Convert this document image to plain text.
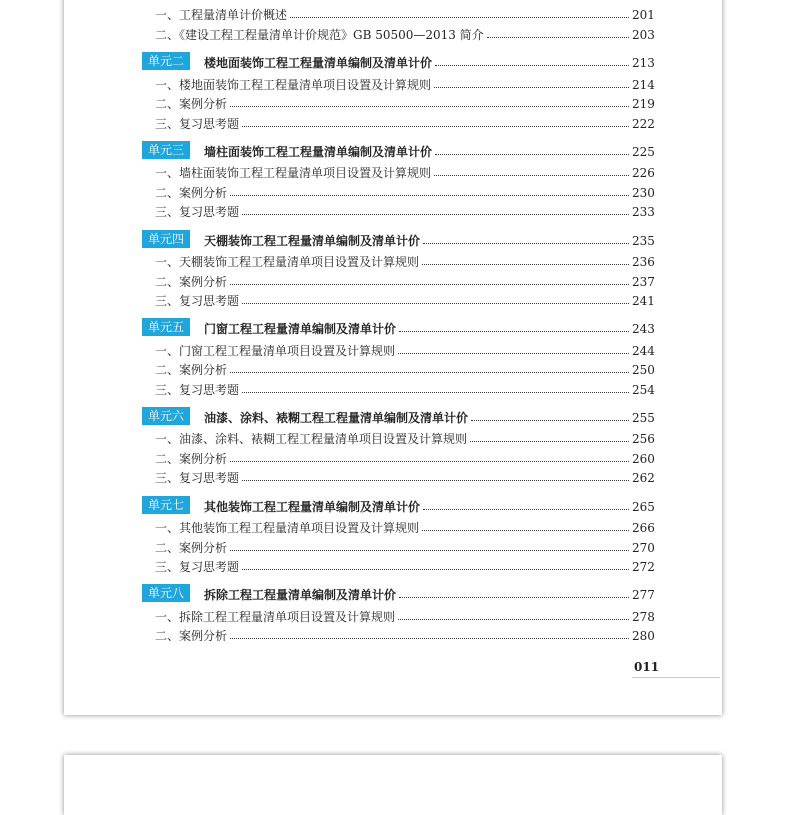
一、工程量清单计价概述	201
二、《建设工程工程量清单计价规范》GB 50500—2013 简介	203
单元二	楼地面装饰工程工程量清单编制及清单计价	213
一、楼地面装饰工程工程量清单项目设置及计算规则	214
二、案例分析	219
三、复习思考题	222
单元三	墙柱面装饰工程工程量清单编制及清单计价	225
一、墙柱面装饰工程工程量清单项目设置及计算规则	226
二、案例分析	230
三、复习思考题	233
单元四	天棚装饰工程工程量清单编制及清单计价	235
一、天棚装饰工程工程量清单项目设置及计算规则	236
二、案例分析	237
三、复习思考题	241
单元五	门窗工程工程量清单编制及清单计价	243
一、门窗工程工程量清单项目设置及计算规则	244
二、案例分析	250
三、复习思考题	254
单元六	油漆、涂料、裱糊工程工程量清单编制及清单计价	255
一、油漆、涂料、裱糊工程工程量清单项目设置及计算规则	256
二、案例分析	260
三、复习思考题	262
单元七	其他装饰工程工程量清单编制及清单计价	265
一、其他装饰工程工程量清单项目设置及计算规则	266
二、案例分析	270
三、复习思考题	272
单元八	拆除工程工程量清单编制及清单计价	277
一、拆除工程工程量清单项目设置及计算规则	278
二、案例分析	280
011
